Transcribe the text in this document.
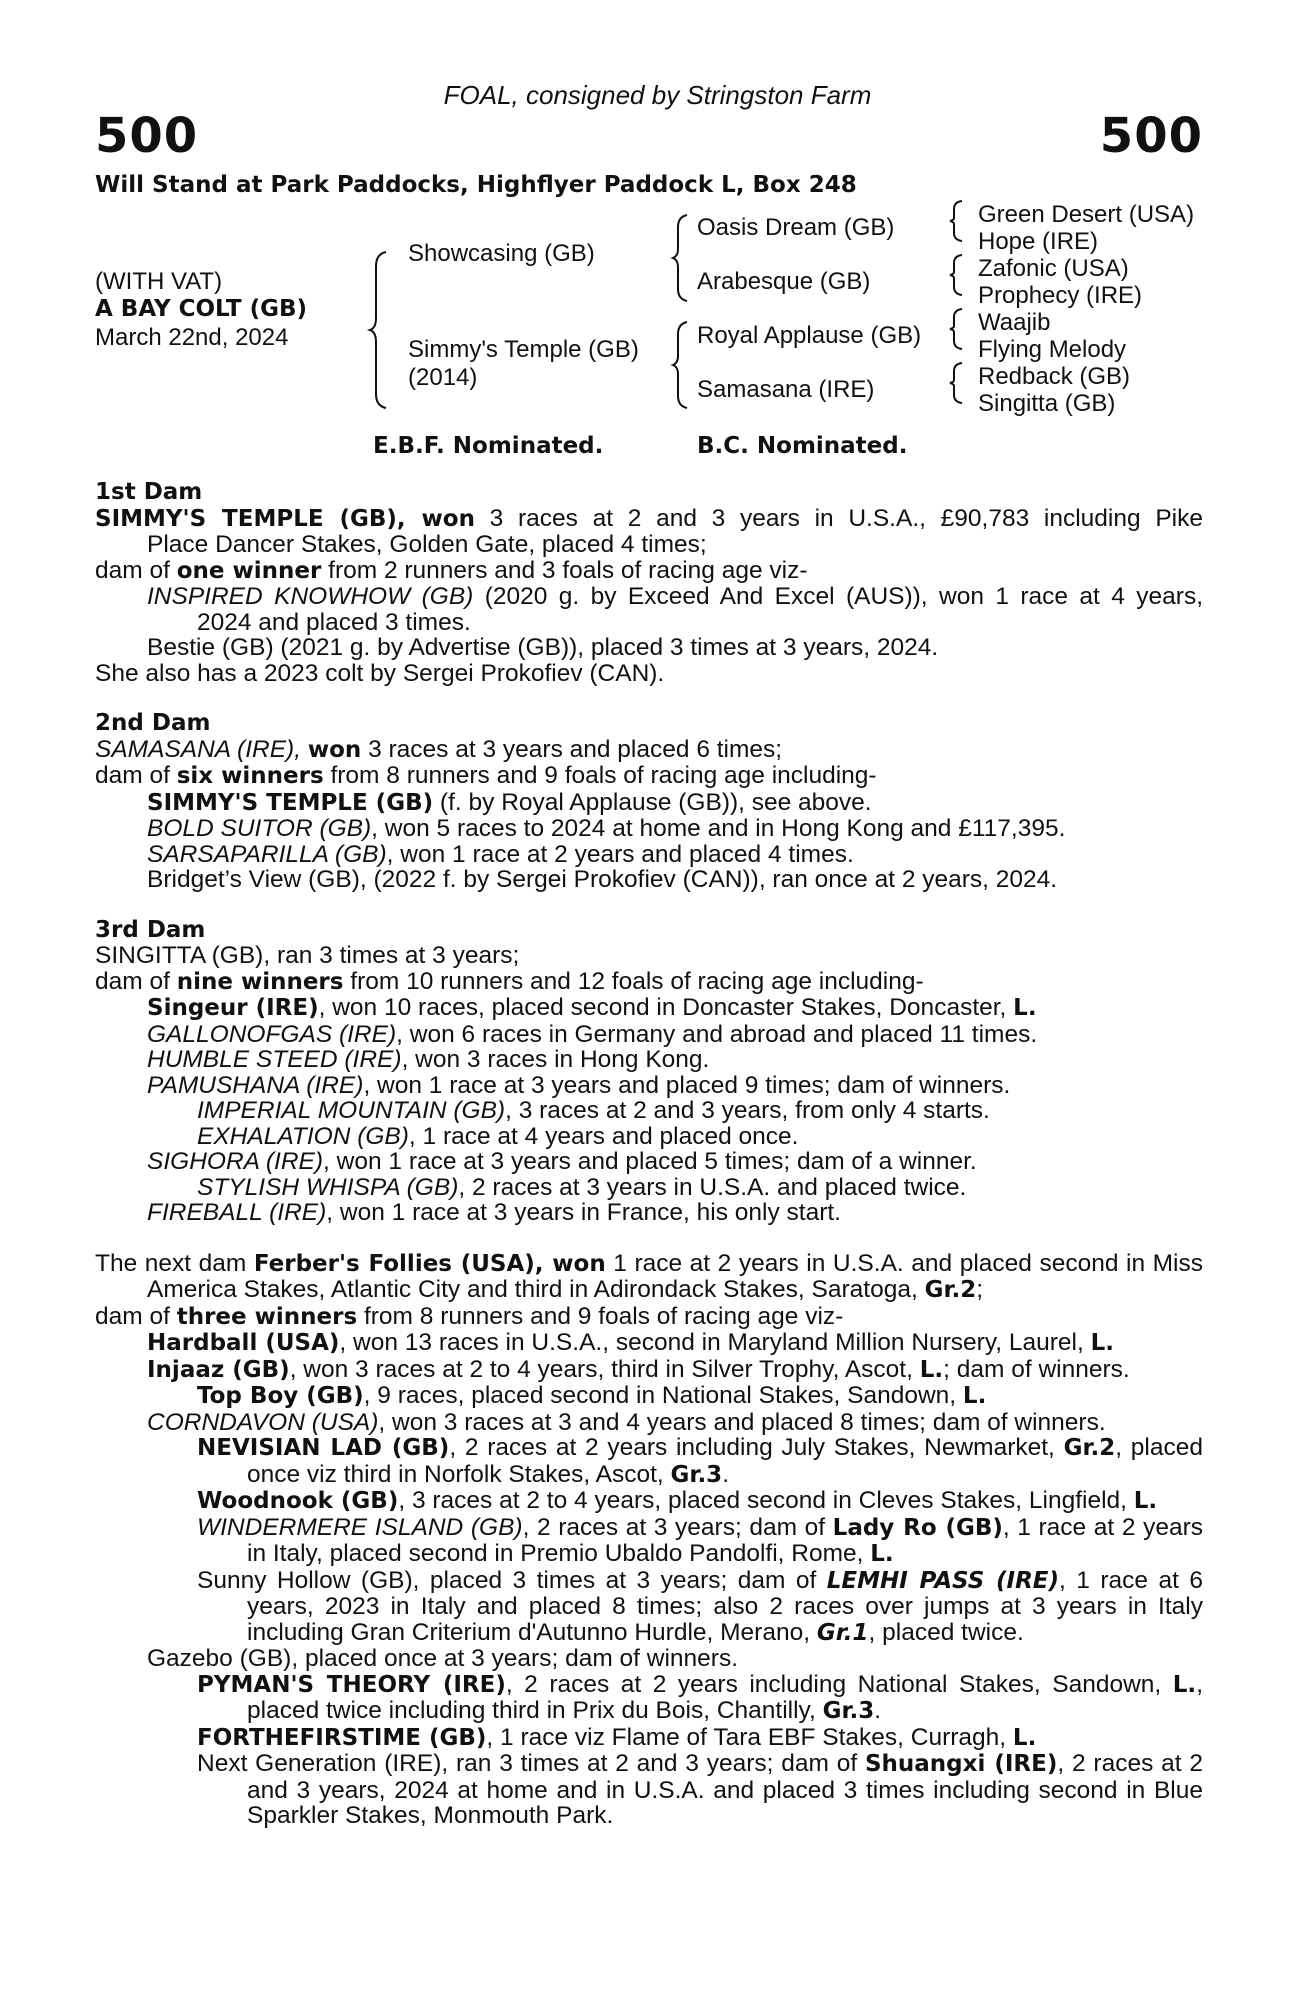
FOAL, consigned by Stringston Farm
500	500
Will Stand at Park Paddocks, Highflyer Paddock L, Box 248
(WITH VAT)
A BAY COLT (GB)
March 22nd, 2024
Showcasing (GB)
Simmy's Temple (GB)
(2014)
Oasis Dream (GB)
Arabesque (GB)
Royal Applause (GB)
Samasana (IRE)
Green Desert (USA)
Hope (IRE)
Zafonic (USA)
Prophecy (IRE)
Waajib
Flying Melody
Redback (GB)
Singitta (GB)
E.B.F. Nominated.	B.C. Nominated.
1st Dam
SIMMY'S TEMPLE (GB), won 3 races at 2 and 3 years in U.S.A., £90,783 including Pike
Place Dancer Stakes, Golden Gate, placed 4 times;
dam of one winner from 2 runners and 3 foals of racing age viz-
INSPIRED KNOWHOW (GB) (2020 g. by Exceed And Excel (AUS)), won 1 race at 4 years,
2024 and placed 3 times.
Bestie (GB) (2021 g. by Advertise (GB)), placed 3 times at 3 years, 2024.
She also has a 2023 colt by Sergei Prokofiev (CAN).
2nd Dam
SAMASANA (IRE), won 3 races at 3 years and placed 6 times;
dam of six winners from 8 runners and 9 foals of racing age including-
SIMMY'S TEMPLE (GB) (f. by Royal Applause (GB)), see above.
BOLD SUITOR (GB), won 5 races to 2024 at home and in Hong Kong and £117,395.
SARSAPARILLA (GB), won 1 race at 2 years and placed 4 times.
Bridget’s View (GB), (2022 f. by Sergei Prokofiev (CAN)), ran once at 2 years, 2024.
3rd Dam
SINGITTA (GB), ran 3 times at 3 years;
dam of nine winners from 10 runners and 12 foals of racing age including-
Singeur (IRE), won 10 races, placed second in Doncaster Stakes, Doncaster, L.
GALLONOFGAS (IRE), won 6 races in Germany and abroad and placed 11 times.
HUMBLE STEED (IRE), won 3 races in Hong Kong.
PAMUSHANA (IRE), won 1 race at 3 years and placed 9 times; dam of winners.
IMPERIAL MOUNTAIN (GB), 3 races at 2 and 3 years, from only 4 starts.
EXHALATION (GB), 1 race at 4 years and placed once.
SIGHORA (IRE), won 1 race at 3 years and placed 5 times; dam of a winner.
STYLISH WHISPA (GB), 2 races at 3 years in U.S.A. and placed twice.
FIREBALL (IRE), won 1 race at 3 years in France, his only start.
The next dam Ferber's Follies (USA), won 1 race at 2 years in U.S.A. and placed second in Miss America Stakes, Atlantic City and third in Adirondack Stakes, Saratoga, Gr.2;
dam of three winners from 8 runners and 9 foals of racing age viz-
Hardball (USA), won 13 races in U.S.A., second in Maryland Million Nursery, Laurel, L.
Injaaz (GB), won 3 races at 2 to 4 years, third in Silver Trophy, Ascot, L.; dam of winners.
Top Boy (GB), 9 races, placed second in National Stakes, Sandown, L.
CORNDAVON (USA), won 3 races at 3 and 4 years and placed 8 times; dam of winners.
NEVISIAN LAD (GB), 2 races at 2 years including July Stakes, Newmarket, Gr.2, placed once viz third in Norfolk Stakes, Ascot, Gr.3.
Woodnook (GB), 3 races at 2 to 4 years, placed second in Cleves Stakes, Lingfield, L.
WINDERMERE ISLAND (GB), 2 races at 3 years; dam of Lady Ro (GB), 1 race at 2 years in Italy, placed second in Premio Ubaldo Pandolfi, Rome, L.
Sunny Hollow (GB), placed 3 times at 3 years; dam of LEMHI PASS (IRE), 1 race at 6 years, 2023 in Italy and placed 8 times; also 2 races over jumps at 3 years in Italy including Gran Criterium d'Autunno Hurdle, Merano, Gr.1, placed twice.
Gazebo (GB), placed once at 3 years; dam of winners.
PYMAN'S THEORY (IRE), 2 races at 2 years including National Stakes, Sandown, L., placed twice including third in Prix du Bois, Chantilly, Gr.3.
FORTHEFIRSTIME (GB), 1 race viz Flame of Tara EBF Stakes, Curragh, L.
Next Generation (IRE), ran 3 times at 2 and 3 years; dam of Shuangxi (IRE), 2 races at 2 and 3 years, 2024 at home and in U.S.A. and placed 3 times including second in Blue Sparkler Stakes, Monmouth Park.
